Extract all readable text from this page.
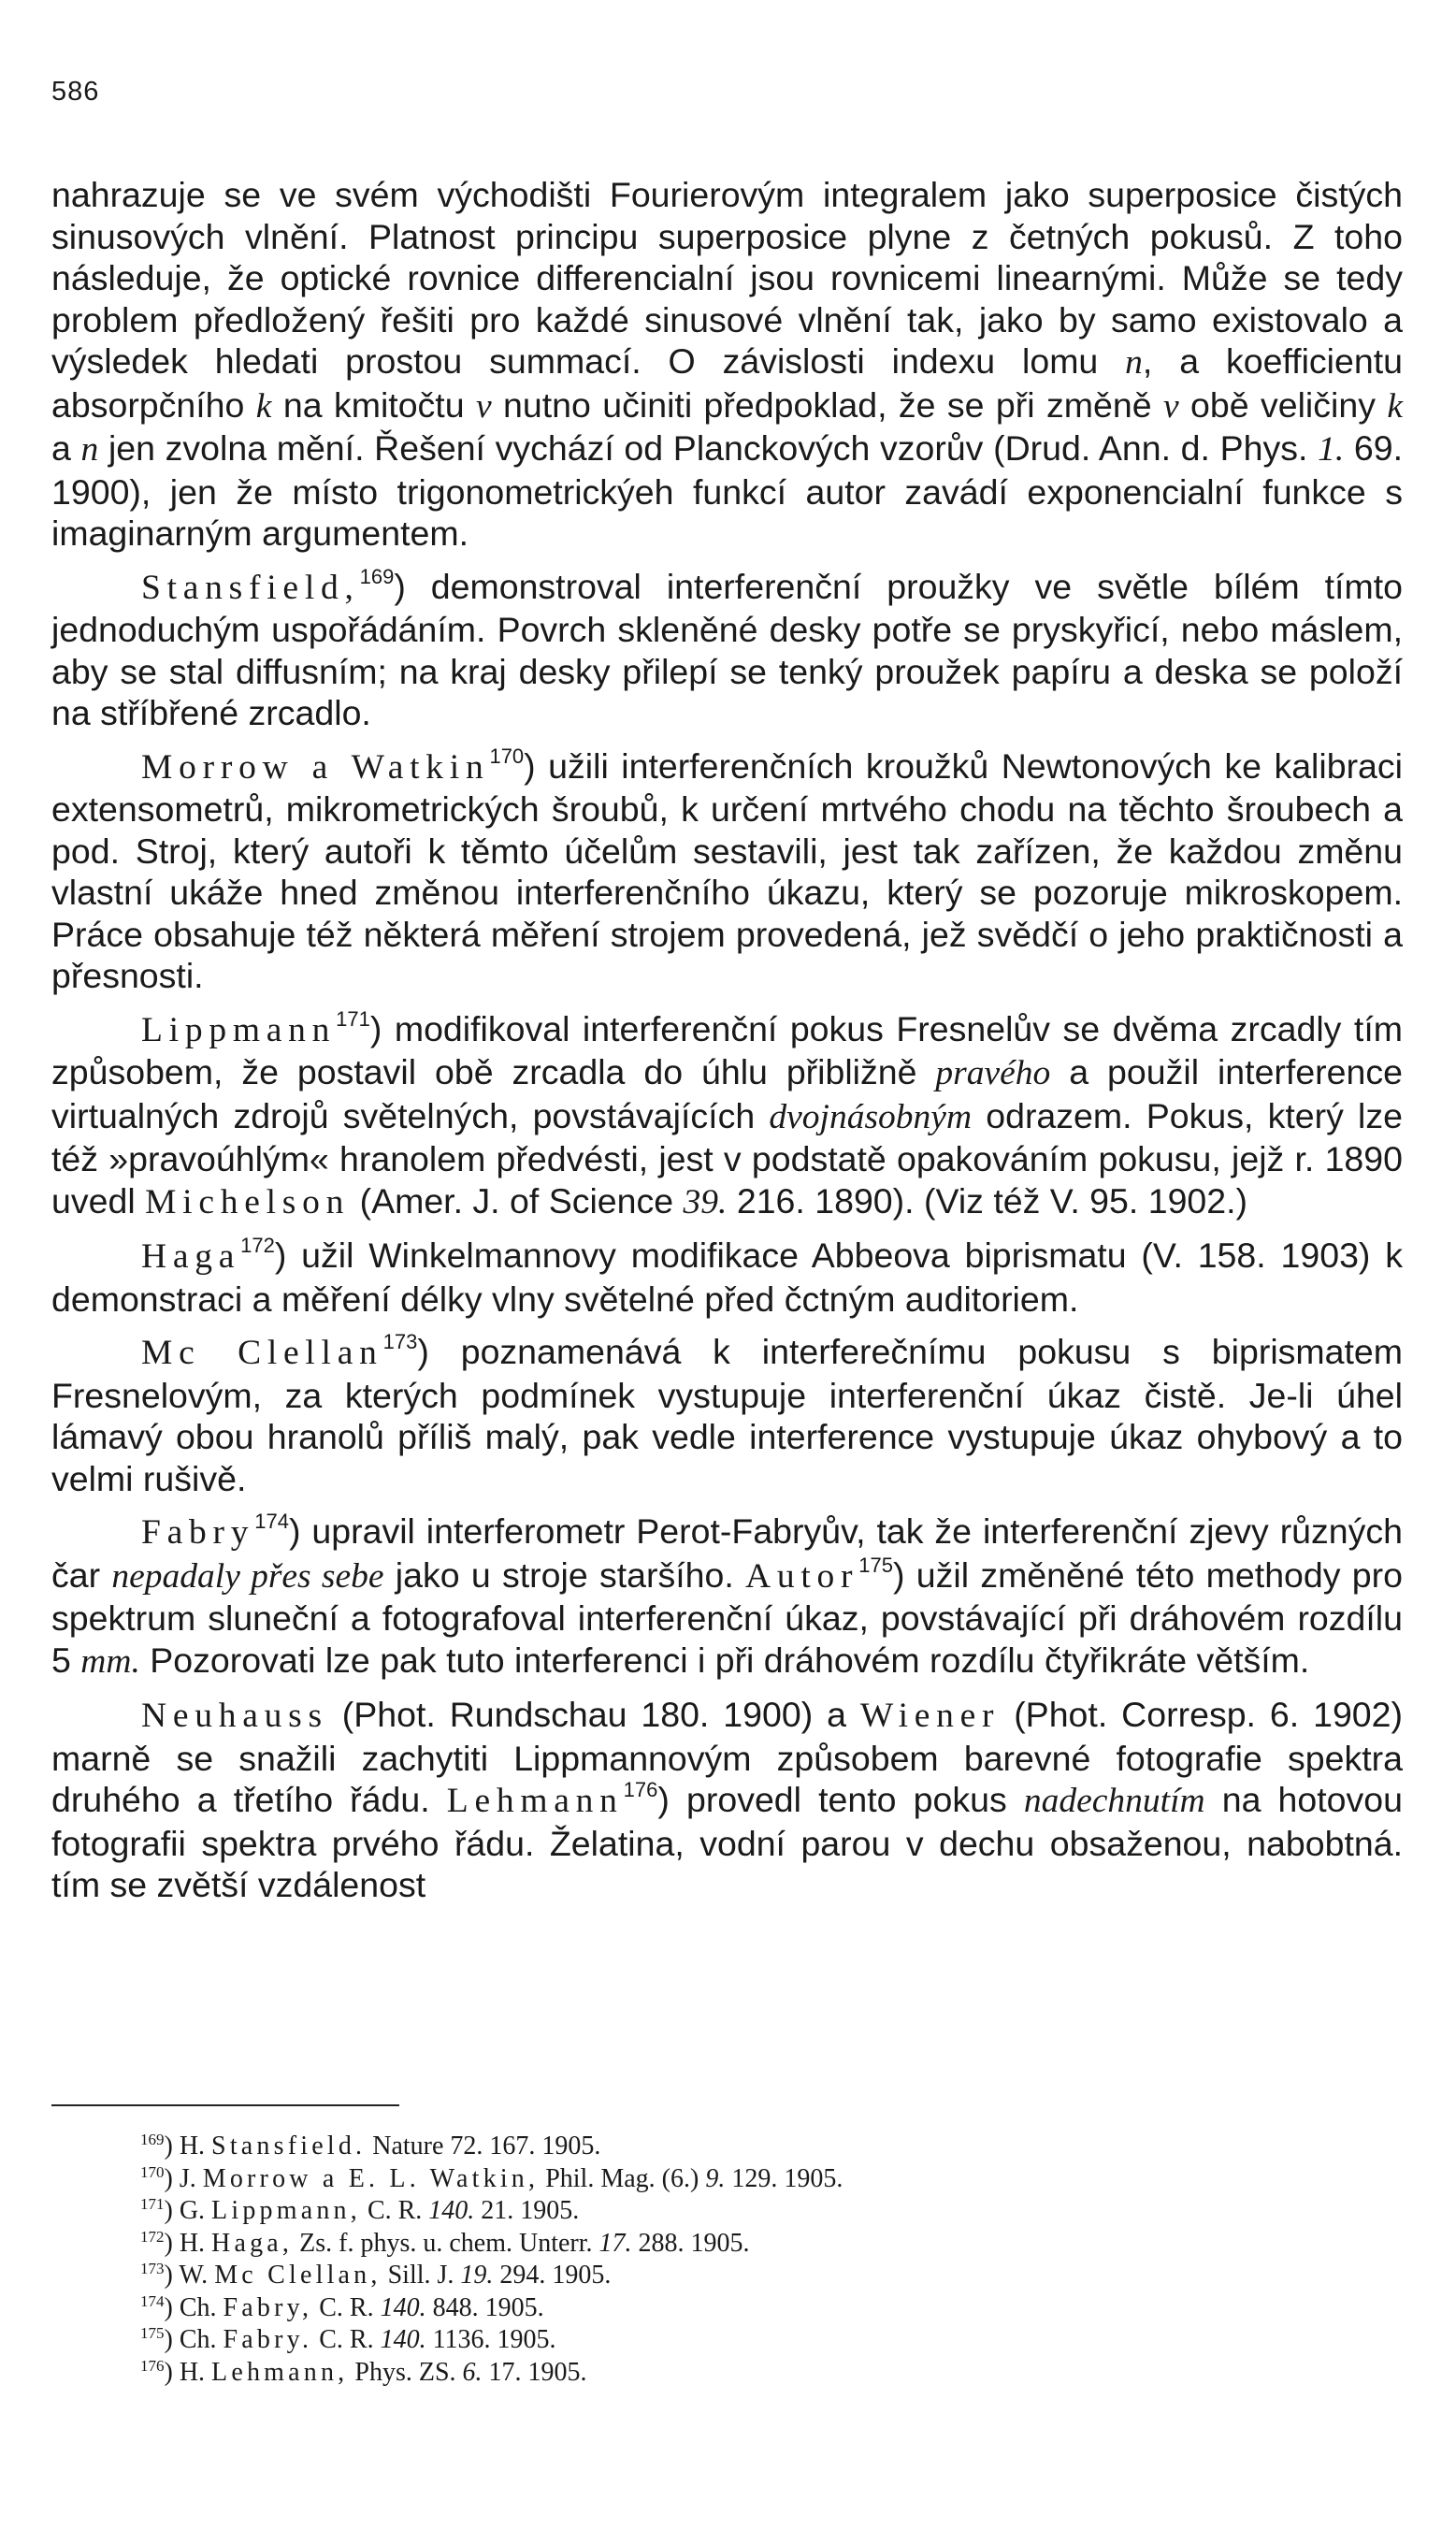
586

nahrazuje se ve svém východišti Fourierovým integralem jako superposice čistých sinusových vlnění. Platnost principu superposice plyne z četných pokusů. Z toho následuje, že optické rovnice differencialní jsou rovnicemi linearnými. Může se tedy problem předložený řešiti pro každé sinusové vlnění tak, jako by samo existovalo a výsledek hledati prostou summací. O závislosti indexu lomu n, a koefficientu absorpčního k na kmitočtu v nutno učiniti předpoklad, že se při změně v obě veličiny k a n jen zvolna mění. Řešení vychází od Planckových vzorův (Drud. Ann. d. Phys. 1. 69. 1900), jen že místo trigonometrickýeh funkcí autor zavádí exponencialní funkce s imaginarným argumentem.

Stansfield,$^{169}$) demonstroval interferenční proužky ve světle bílém tímto jednoduchým uspořádáním. Povrch skleněné desky potře se pryskyřicí, nebo máslem, aby se stal diffusním; na kraj desky přilepí se tenký proužek papíru a deska se položí na stříbřené zrcadlo.

Morrow a Watkin$^{170}$) užili interferenčních kroužků Newtonových ke kalibraci extensometrů, mikrometrických šroubů, k určení mrtvého chodu na těchto šroubech a pod. Stroj, který autoři k těmto účelům sestavili, jest tak zařízen, že každou změnu vlastní ukáže hned změnou interferenčního úkazu, který se pozoruje mikroskopem. Práce obsahuje též některá měření strojem provedená, jež svědčí o jeho praktičnosti a přesnosti.

Lippmann$^{171}$) modifikoval interferenční pokus Fresnelův se dvěma zrcadly tím způsobem, že postavil obě zrcadla do úhlu přibližně pravého a použil interference virtualných zdrojů světelných, povstávajících dvojnásobným odrazem. Pokus, který lze též »pravoúhlým« hranolem předvésti, jest v podstatě opakováním pokusu, jejž r. 1890 uvedl Michelson (Amer. J. of Science 39. 216. 1890). (Viz též V. 95. 1902.)

Haga$^{172}$) užil Winkelmannovy modifikace Abbeova biprismatu (V. 158. 1903) k demonstraci a měření délky vlny světelné před čctným auditoriem.

Mc Clellan$^{173}$) poznamenává k interferečnímu pokusu s biprismatem Fresnelovým, za kterých podmínek vystupuje interferenční úkaz čistě. Je-li úhel lámavý obou hranolů příliš malý, pak vedle interference vystupuje úkaz ohybový a to velmi rušivě.

Fabry$^{174}$) upravil interferometr Perot-Fabryův, tak že interferenční zjevy různých čar nepadaly přes sebe jako u stroje staršího. Autor$^{175}$) užil změněné této methody pro spektrum sluneční a fotografoval interferenční úkaz, povstávající při dráhovém rozdílu 5 mm. Pozorovati lze pak tuto interferenci i při dráhovém rozdílu čtyřikráte větším.

Neuhauss (Phot. Rundschau 180. 1900) a Wiener (Phot. Corresp. 6. 1902) marně se snažili zachytiti Lippmannovým způsobem barevné fotografie spektra druhého a třetího řádu. Lehmann$^{176}$) provedl tento pokus nadechnutím na hotovou fotografii spektra prvého řádu. Želatina, vodní parou v dechu obsaženou, nabobtná. tím se zvětší vzdálenost

$^{169}$) H. Stansfield. Nature 72. 167. 1905.
$^{170}$) J. Morrow a E. L. Watkin, Phil. Mag. (6.) 9. 129. 1905.
$^{171}$) G. Lippmann, C. R. 140. 21. 1905.
$^{172}$) H. Haga, Zs. f. phys. u. chem. Unterr. 17. 288. 1905.
$^{173}$) W. Mc Clellan, Sill. J. 19. 294. 1905.
$^{174}$) Ch. Fabry, C. R. 140. 848. 1905.
$^{175}$) Ch. Fabry. C. R. 140. 1136. 1905.
$^{176}$) H. Lehmann, Phys. ZS. 6. 17. 1905.
